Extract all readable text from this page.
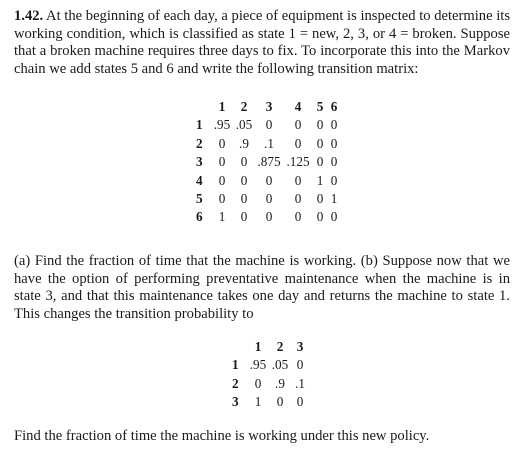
1.42. At the beginning of each day, a piece of equipment is inspected to determine its working condition, which is classified as state 1 = new, 2, 3, or 4 = broken. Suppose that a broken machine requires three days to fix. To incorporate this into the Markov chain we add states 5 and 6 and write the following transition matrix:

	1	2	3	4	5	6
1	.95	.05	0	0	0	0
2	0	.9	.1	0	0	0
3	0	0	.875	.125	0	0
4	0	0	0	0	1	0
5	0	0	0	0	0	1
6	1	0	0	0	0	0

(a) Find the fraction of time that the machine is working. (b) Suppose now that we have the option of performing preventative maintenance when the machine is in state 3, and that this maintenance takes one day and returns the machine to state 1. This changes the transition probability to

	1	2	3
1	.95	.05	0
2	0	.9	.1
3	1	0	0

Find the fraction of time the machine is working under this new policy.
